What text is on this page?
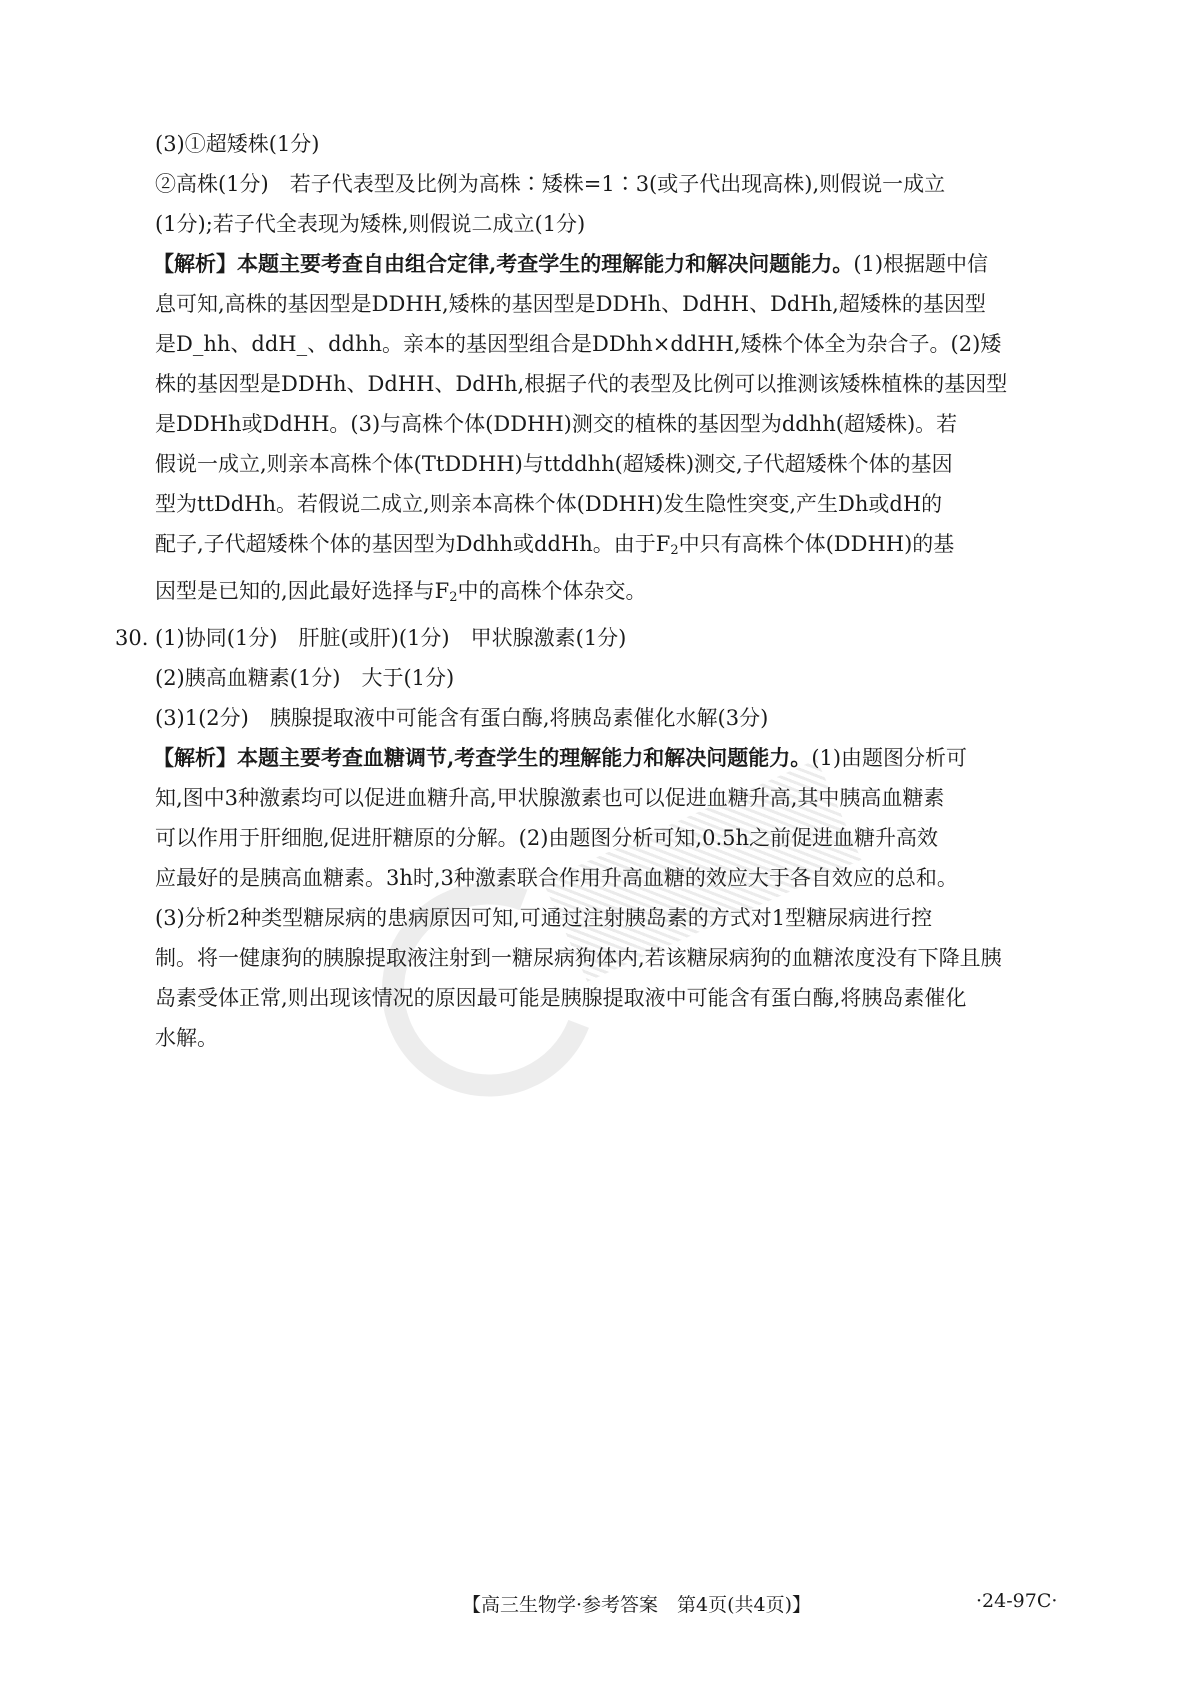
(3)①超矮株(1分)
②高株(1分)　若子代表型及比例为高株∶矮株=1∶3(或子代出现高株),则假说一成立
(1分);若子代全表现为矮株,则假说二成立(1分)
【解析】本题主要考查自由组合定律,考查学生的理解能力和解决问题能力。(1)根据题中信
息可知,高株的基因型是DDHH,矮株的基因型是DDHh、DdHH、DdHh,超矮株的基因型
是D_hh、ddH_、ddhh。亲本的基因型组合是DDhh×ddHH,矮株个体全为杂合子。(2)矮
株的基因型是DDHh、DdHH、DdHh,根据子代的表型及比例可以推测该矮株植株的基因型
是DDHh或DdHH。(3)与高株个体(DDHH)测交的植株的基因型为ddhh(超矮株)。若
假说一成立,则亲本高株个体(TtDDHH)与ttddhh(超矮株)测交,子代超矮株个体的基因
型为ttDdHh。若假说二成立,则亲本高株个体(DDHH)发生隐性突变,产生Dh或dH的
配子,子代超矮株个体的基因型为Ddhh或ddHh。由于$F_2$中只有高株个体(DDHH)的基
因型是已知的,因此最好选择与$F_2$中的高株个体杂交。
30. (1)协同(1分)　肝脏(或肝)(1分)　甲状腺激素(1分)
(2)胰高血糖素(1分)　大于(1分)
(3)1(2分)　胰腺提取液中可能含有蛋白酶,将胰岛素催化水解(3分)
【解析】本题主要考查血糖调节,考查学生的理解能力和解决问题能力。(1)由题图分析可
知,图中3种激素均可以促进血糖升高,甲状腺激素也可以促进血糖升高,其中胰高血糖素
可以作用于肝细胞,促进肝糖原的分解。(2)由题图分析可知,0.5h之前促进血糖升高效
应最好的是胰高血糖素。3h时,3种激素联合作用升高血糖的效应大于各自效应的总和。
(3)分析2种类型糖尿病的患病原因可知,可通过注射胰岛素的方式对1型糖尿病进行控
制。将一健康狗的胰腺提取液注射到一糖尿病狗体内,若该糖尿病狗的血糖浓度没有下降且胰
岛素受体正常,则出现该情况的原因最可能是胰腺提取液中可能含有蛋白酶,将胰岛素催化
水解。
【高三生物学·参考答案　第4页(共4页)】	·24-97C·
